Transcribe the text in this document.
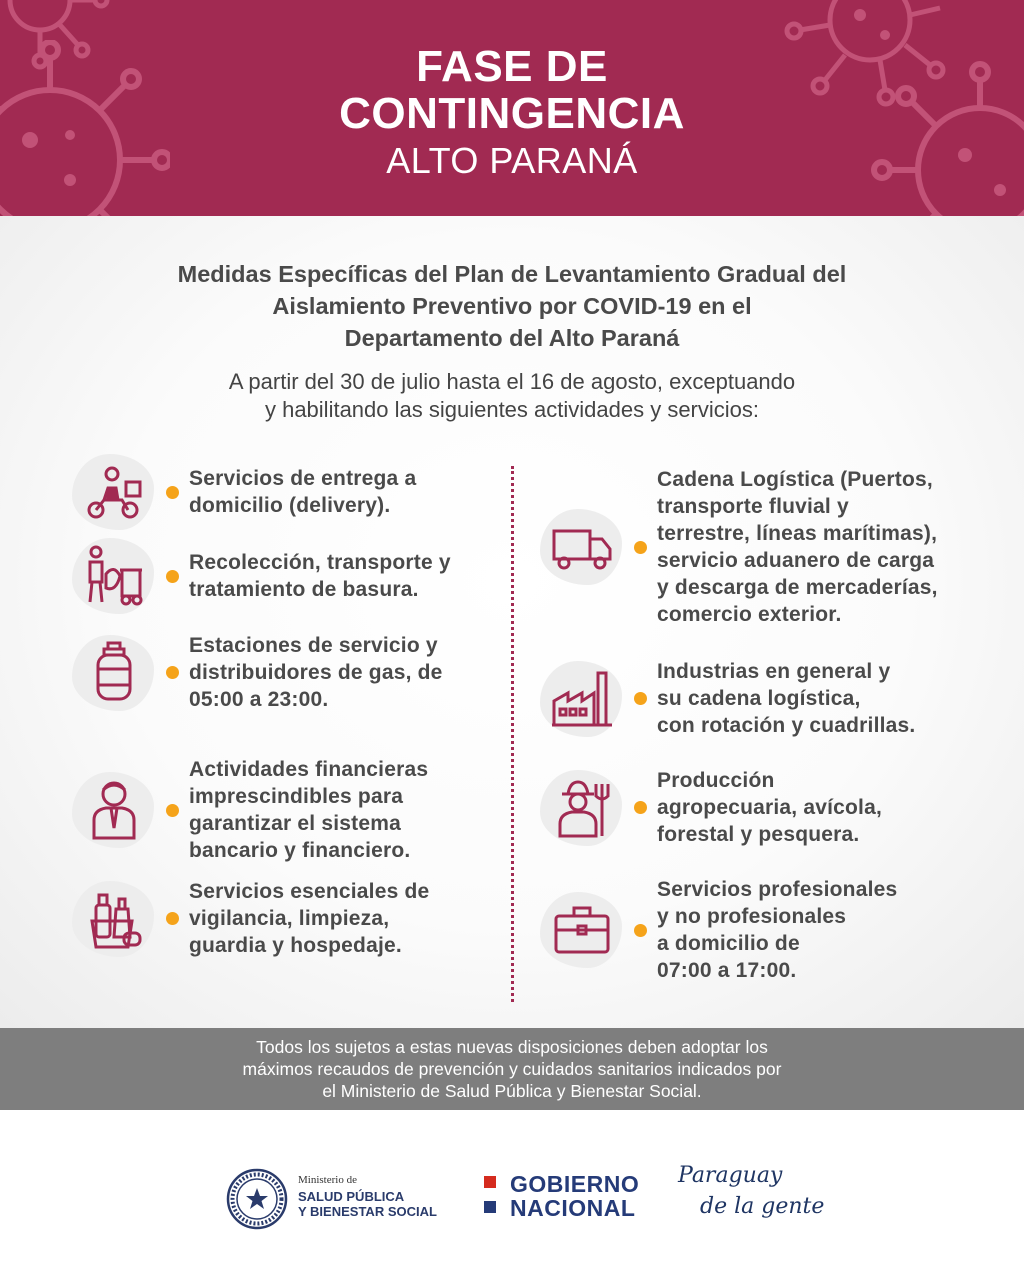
FASE DE
CONTINGENCIA
ALTO PARANÁ
Medidas Específicas del Plan de Levantamiento Gradual del
Aislamiento Preventivo por COVID-19 en el
Departamento del Alto Paraná
A partir del 30 de julio hasta el 16 de agosto, exceptuando
y habilitando las siguientes actividades y servicios:
Servicios de entrega a
domicilio (delivery).
Recolección, transporte y
tratamiento de basura.
Estaciones de servicio y
distribuidores de gas, de
05:00 a 23:00.
Actividades financieras
imprescindibles para
garantizar el sistema
bancario y financiero.
Servicios esenciales de
vigilancia, limpieza,
guardia y hospedaje.
Cadena Logística (Puertos,
transporte fluvial y
terrestre, líneas marítimas),
servicio aduanero de carga
y descarga de mercaderías,
comercio exterior.
Industrias en general y
su cadena logística,
con rotación y cuadrillas.
Producción
agropecuaria, avícola,
forestal y pesquera.
Servicios profesionales
y no profesionales
a domicilio de
07:00 a 17:00.
Todos los sujetos a estas nuevas disposiciones deben adoptar los
máximos recaudos de prevención y cuidados sanitarios indicados por
el Ministerio de Salud Pública y Bienestar Social.
Ministerio de
SALUD PÚBLICA
Y BIENESTAR SOCIAL
GOBIERNO
NACIONAL
Paraguay
de la gente
